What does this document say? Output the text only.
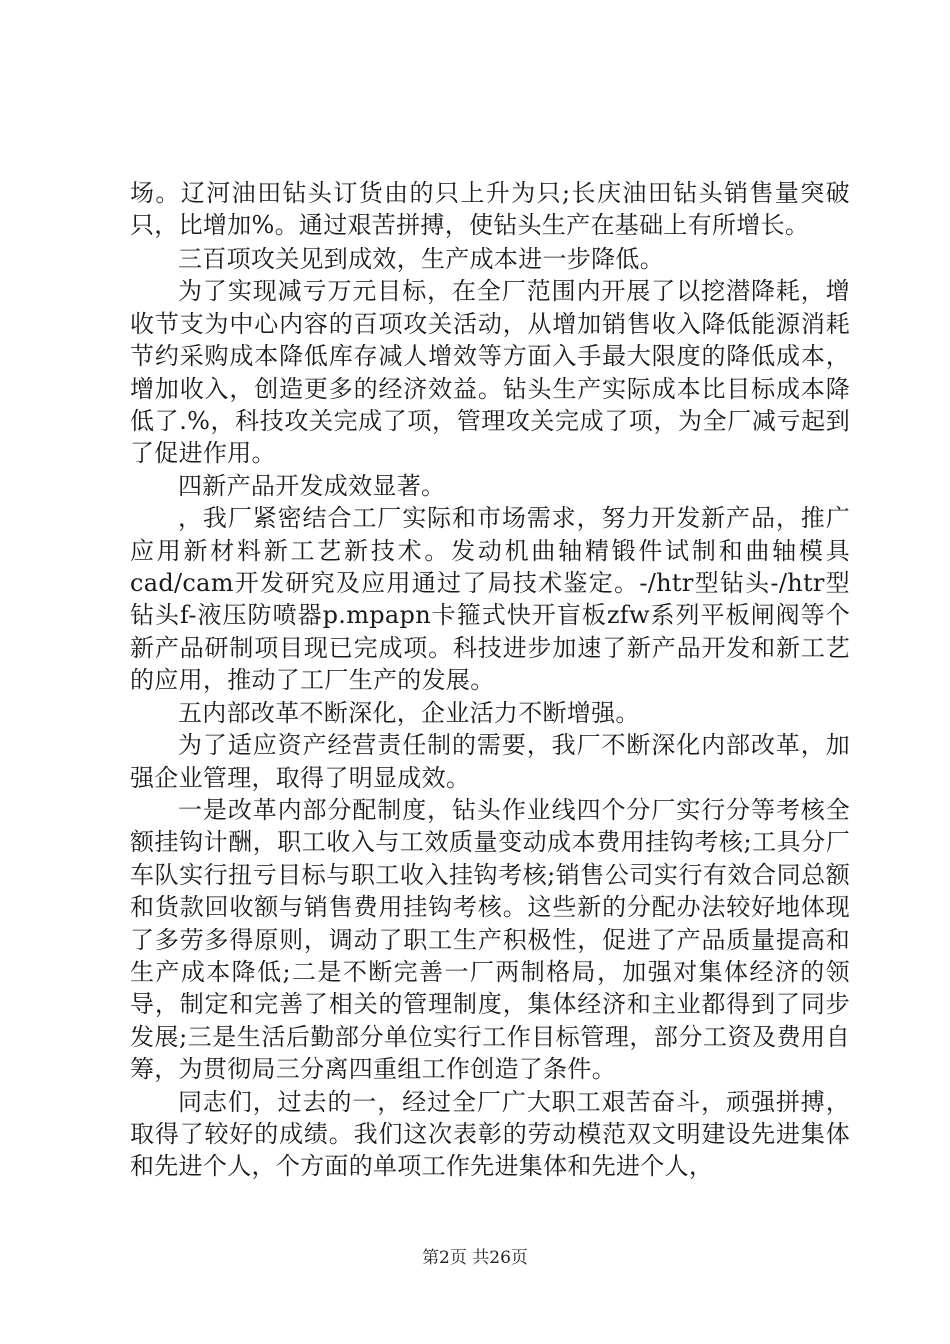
场。辽河油田钻头订货由的只上升为只;长庆油田钻头销售量突破只，比增加%。通过艰苦拼搏，使钻头生产在基础上有所增长。

三百项攻关见到成效，生产成本进一步降低。

为了实现减亏万元目标，在全厂范围内开展了以挖潜降耗，增收节支为中心内容的百项攻关活动，从增加销售收入降低能源消耗节约采购成本降低库存减人增效等方面入手最大限度的降低成本，增加收入，创造更多的经济效益。钻头生产实际成本比目标成本降低了.%，科技攻关完成了项，管理攻关完成了项，为全厂减亏起到了促进作用。

四新产品开发成效显著。

，我厂紧密结合工厂实际和市场需求，努力开发新产品，推广应用新材料新工艺新技术。发动机曲轴精锻件试制和曲轴模具cad/cam开发研究及应用通过了局技术鉴定。-/htr型钻头-/htr型钻头f-液压防喷器p.mpapn卡箍式快开盲板zfw系列平板闸阀等个新产品研制项目现已完成项。科技进步加速了新产品开发和新工艺的应用，推动了工厂生产的发展。

五内部改革不断深化，企业活力不断增强。

为了适应资产经营责任制的需要，我厂不断深化内部改革，加强企业管理，取得了明显成效。

一是改革内部分配制度，钻头作业线四个分厂实行分等考核全额挂钩计酬，职工收入与工效质量变动成本费用挂钩考核;工具分厂车队实行扭亏目标与职工收入挂钩考核;销售公司实行有效合同总额和货款回收额与销售费用挂钩考核。这些新的分配办法较好地体现了多劳多得原则，调动了职工生产积极性，促进了产品质量提高和生产成本降低;二是不断完善一厂两制格局，加强对集体经济的领导，制定和完善了相关的管理制度，集体经济和主业都得到了同步发展;三是生活后勤部分单位实行工作目标管理，部分工资及费用自筹，为贯彻局三分离四重组工作创造了条件。

同志们，过去的一，经过全厂广大职工艰苦奋斗，顽强拼搏，取得了较好的成绩。我们这次表彰的劳动模范双文明建设先进集体和先进个人，个方面的单项工作先进集体和先进个人，

第2页 共26页
